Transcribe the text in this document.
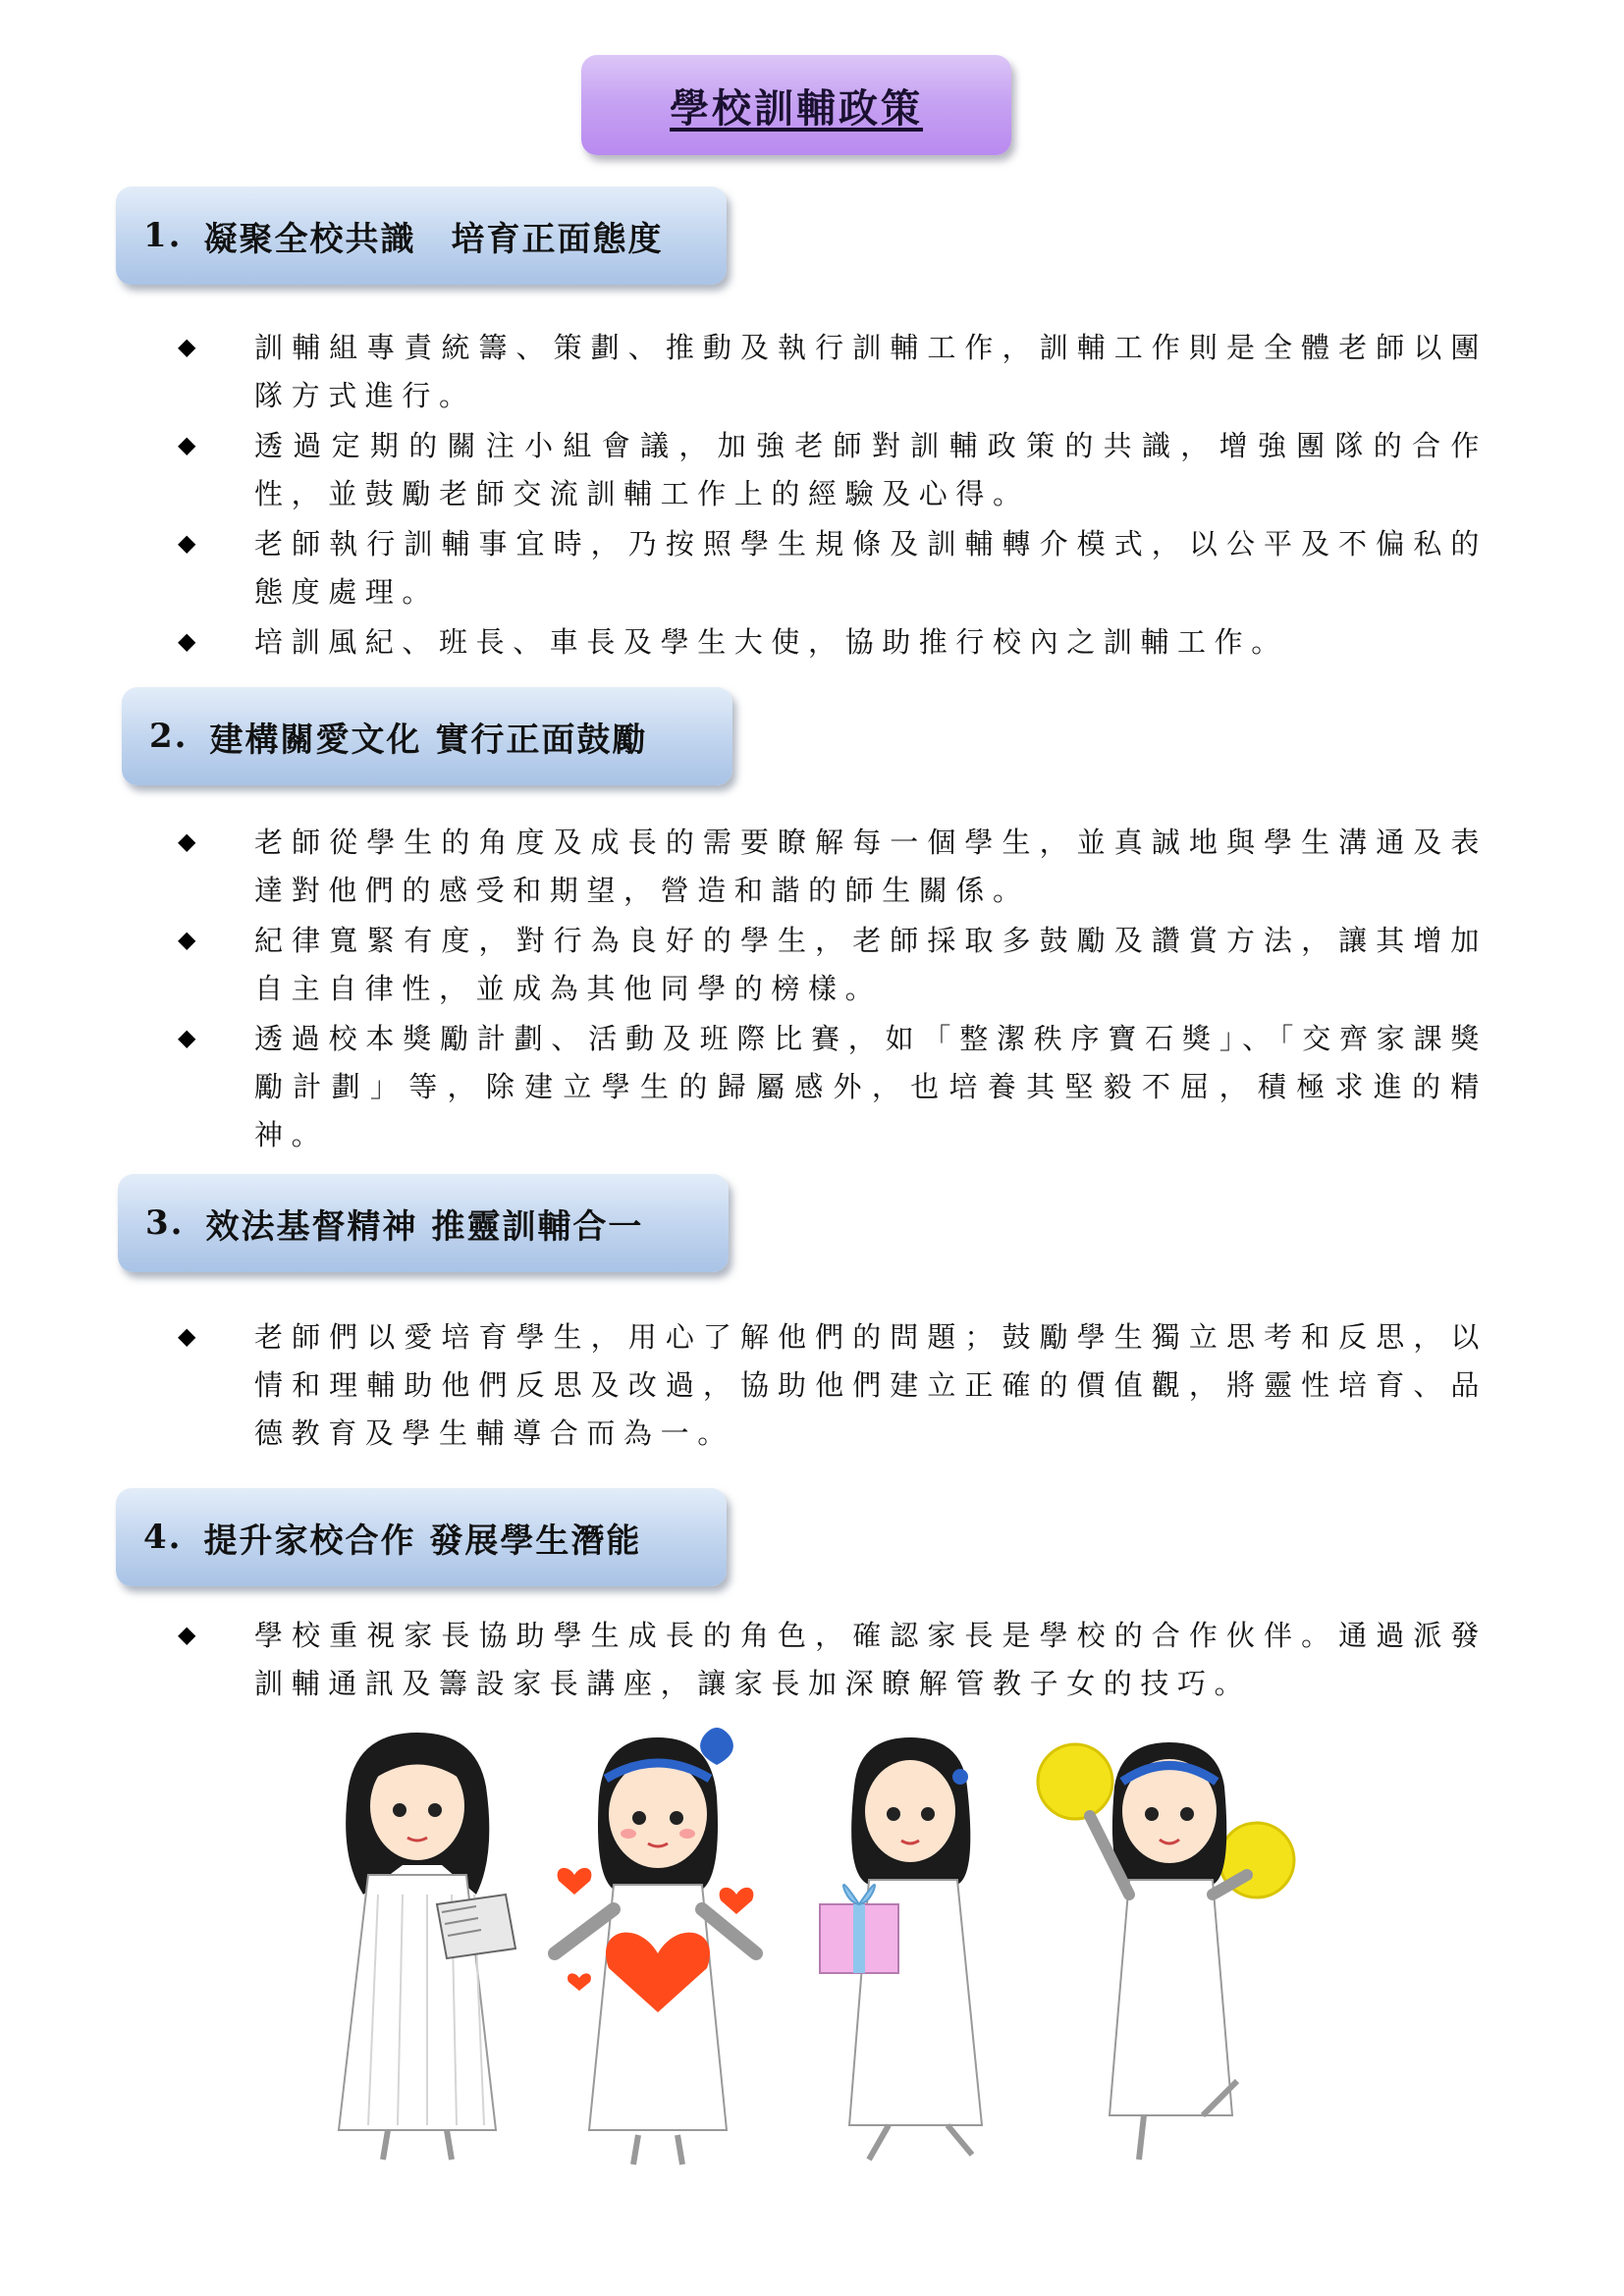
學校訓輔政策
1. 凝聚全校共識　培育正面態度
◆ 訓輔組專責統籌、策劃、推動及執行訓輔工作，訓輔工作則是全體老師以團隊方式進行。
◆ 透過定期的關注小組會議，加強老師對訓輔政策的共識，增強團隊的合作性，並鼓勵老師交流訓輔工作上的經驗及心得。
◆ 老師執行訓輔事宜時，乃按照學生規條及訓輔轉介模式，以公平及不偏私的態度處理。
◆ 培訓風紀、班長、車長及學生大使，協助推行校內之訓輔工作。
2. 建構關愛文化 實行正面鼓勵
◆ 老師從學生的角度及成長的需要瞭解每一個學生，並真誠地與學生溝通及表達對他們的感受和期望，營造和諧的師生關係。
◆ 紀律寬緊有度，對行為良好的學生，老師採取多鼓勵及讚賞方法，讓其增加自主自律性，並成為其他同學的榜樣。
◆ 透過校本獎勵計劃、活動及班際比賽，如「整潔秩序寶石獎」、「交齊家課獎勵計劃」等，除建立學生的歸屬感外，也培養其堅毅不屈，積極求進的精神。
3. 效法基督精神 推靈訓輔合一
◆ 老師們以愛培育學生，用心了解他們的問題；鼓勵學生獨立思考和反思，以情和理輔助他們反思及改過，協助他們建立正確的價值觀，將靈性培育、品德教育及學生輔導合而為一。
4. 提升家校合作 發展學生潛能
◆ 學校重視家長協助學生成長的角色，確認家長是學校的合作伙伴。通過派發訓輔通訊及籌設家長講座，讓家長加深瞭解管教子女的技巧。
